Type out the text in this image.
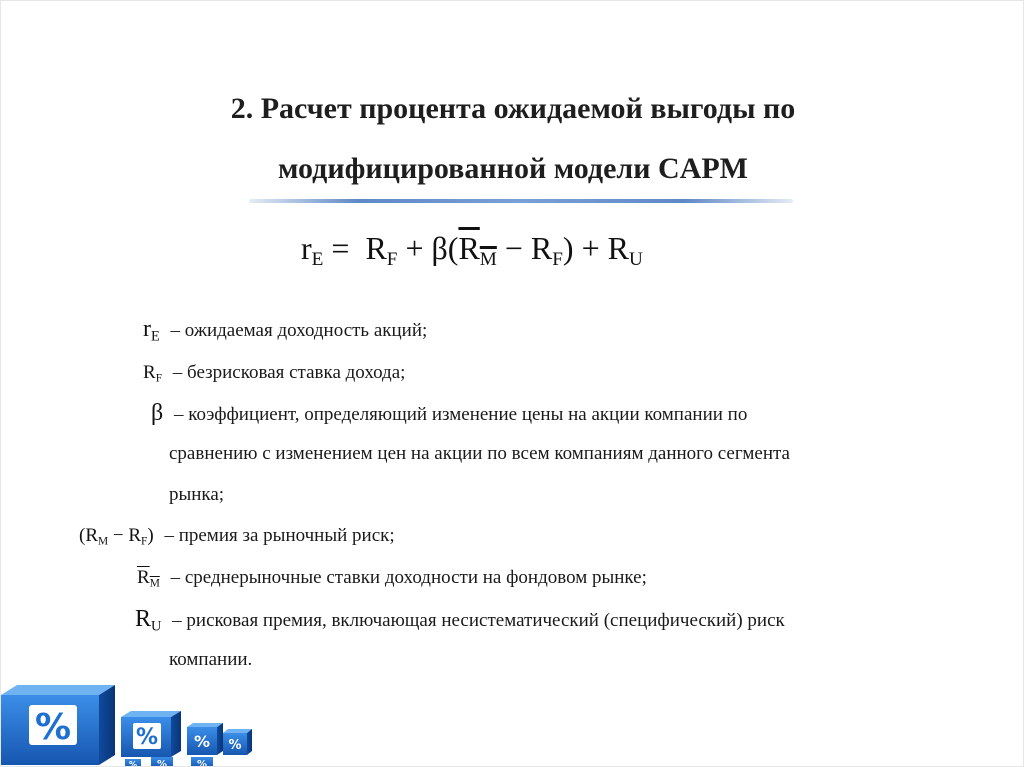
2. Расчет процента ожидаемой выгоды по
модифицированной модели CAPM
$r_E = R_F + \beta(R_M - R_F) + R_U$
$r_E$ – ожидаемая доходность акций;
$R_F$ – безрисковая ставка дохода;
β – коэффициент, определяющий изменение цены на акции компании по
сравнению с изменением цен на акции по всем компаниям данного сегмента
рынка;
$(R_M - R_F)$ – премия за рыночный риск;
$R_M$ – среднерыночные ставки доходности на фондовом рынке;
$R_U$ – рисковая премия, включающая несистематический (специфический) риск
компании.
%	% % %
%	%
%
